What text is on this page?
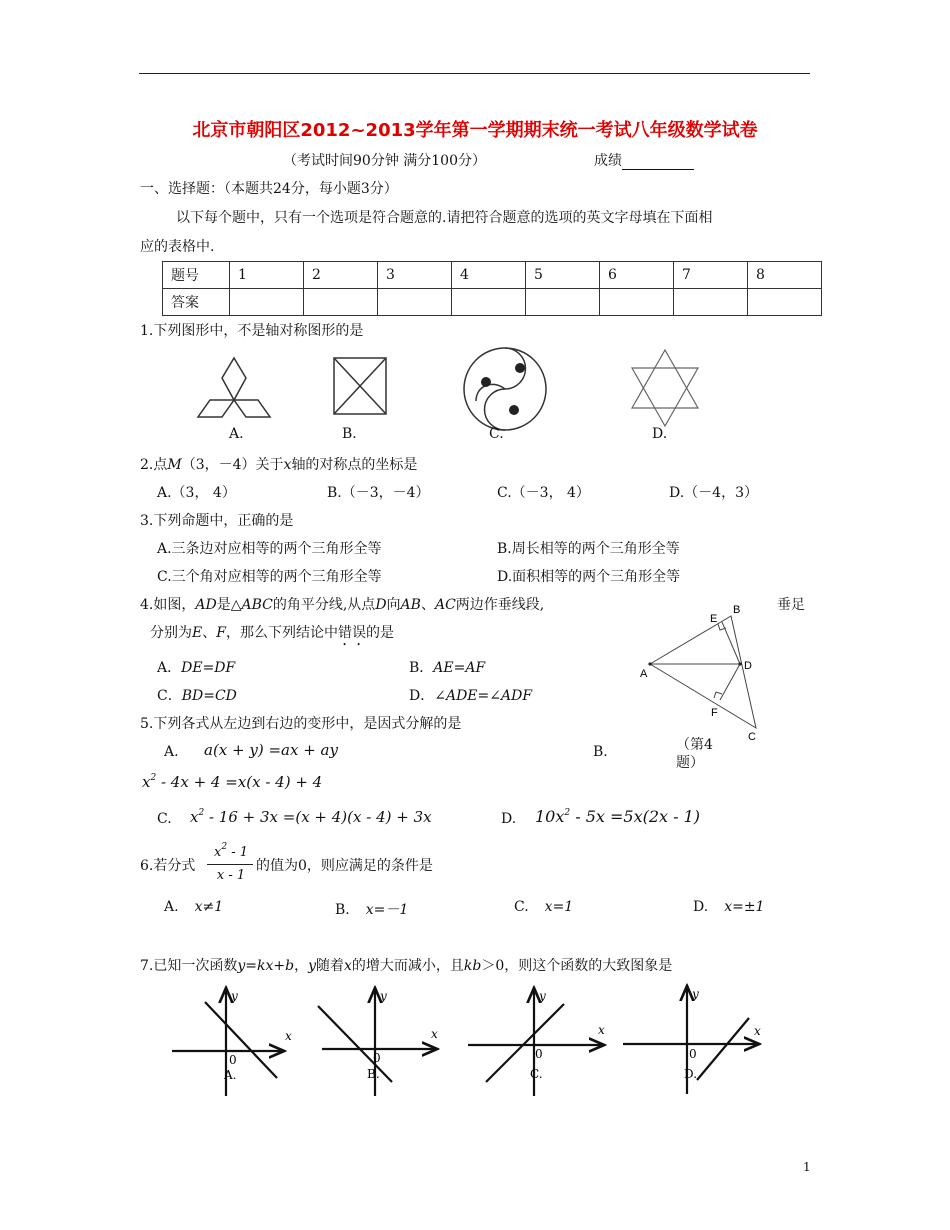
北京市朝阳区2012~2013学年第一学期期末统一考试八年级数学试卷
（考试时间90分钟 满分100分）	成绩
一、选择题：（本题共24分，每小题3分）
以下每个题中，只有一个选项是符合题意的.请把符合题意的选项的英文字母填在下面相
应的表格中.
题号	1	2	3	4	5	6	7	8
答案								
1.下列图形中，不是轴对称图形的是
A.	B.	C.	D.
2.点M（3，－4）关于x轴的对称点的坐标是
A.（3， 4）	B.（－3，－4）	C.（－3， 4）	D.（－4，3）
3.下列命题中，正确的是
A.三条边对应相等的两个三角形全等	B.周长相等的两个三角形全等
C.三个角对应相等的两个三角形全等	D.面积相等的两个三角形全等
4.如图，AD是△ABC的角平分线,从点D向AB、AC两边作垂线段,	垂足
分别为E、F，那么下列结论中错误的是
A．DE=DF	B．AE=AF
C．BD=CD	D．∠ADE=∠ADF
A
B
C
D
E
F
（第4
题）
5.下列各式从左边到右边的变形中，是因式分解的是
A. a(x + y) =ax + ay	B.
$x^2 - 4x + 4 =x(x - 4) + 4$
C. $x^2 - 16 + 3x =(x + 4)(x - 4) + 3x$	D. $10x^2 - 5x =5x(2x - 1)$
6.若分式
$x^2 - 1$
x - 1
的值为0，则应满足的条件是
A. x≠1	B. x=－1	C. x=1	D. x=±1
7.已知一次函数y=kx+b，y随着x的增大而减小，且kb＞0，则这个函数的大致图象是
y
x
0
A.
y
x
0
B.
y
x
0
C.
y
x
0
D.
1
